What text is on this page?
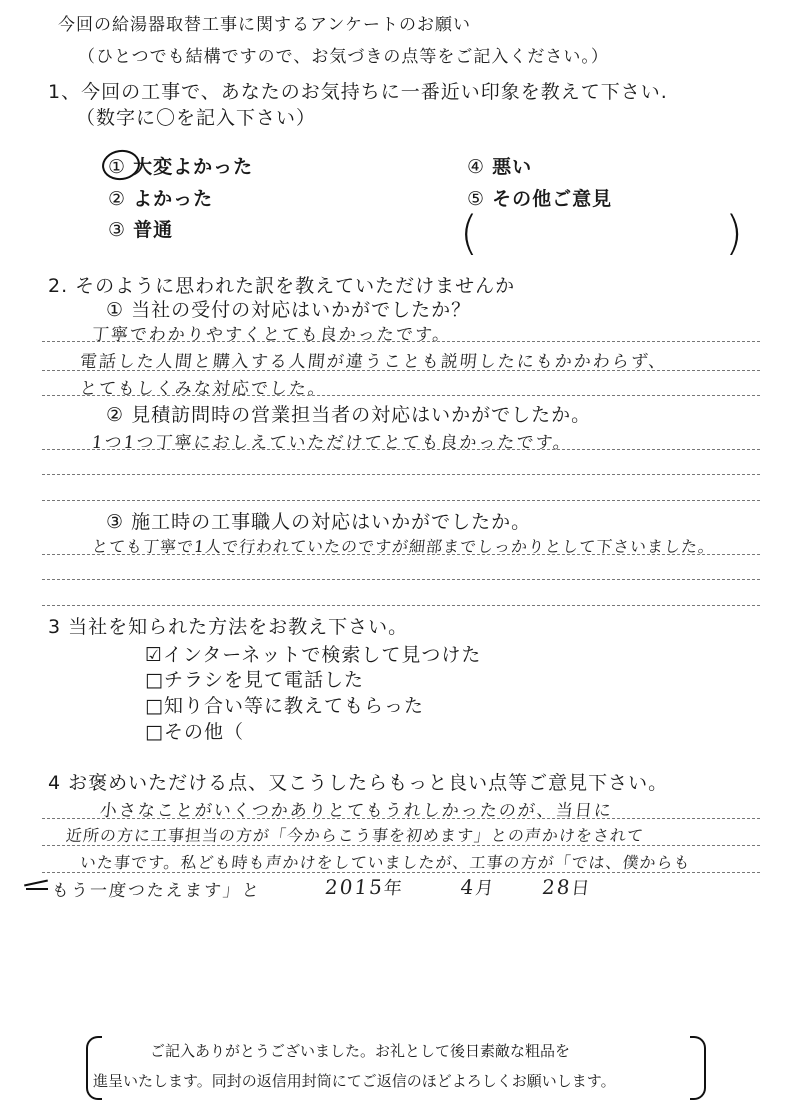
今回の給湯器取替工事に関するアンケートのお願い
（ひとつでも結構ですので、お気づきの点等をご記入ください。）
1、今回の工事で、あなたのお気持ちに一番近い印象を教えて下さい.
（数字に〇を記入下さい）
① 大変よかった
② よかった
③ 普通
④ 悪い
⑤ その他ご意見
(	)
2. そのように思われた訳を教えていただけませんか
① 当社の受付の対応はいかがでしたか？
丁寧でわかりやすくとても良かったです。
電話した人間と購入する人間が違うことも説明したにもかかわらず、
とてもしくみな対応でした。
② 見積訪問時の営業担当者の対応はいかがでしたか。
1つ1つ丁寧におしえていただけてとても良かったです。
③ 施工時の工事職人の対応はいかがでしたか。
とても丁寧で1人で行われていたのですが細部までしっかりとして下さいました。
3 当社を知られた方法をお教え下さい。
☑インターネットで検索して見つけた
□チラシを見て電話した
□知り合い等に教えてもらった
□その他（
4 お褒めいただける点、又こうしたらもっと良い点等ご意見下さい。
小さなことがいくつかありとてもうれしかったのが、当日に
近所の方に工事担当の方が「今からこう事を初めます」との声かけをされて
いた事です。私ども時も声かけをしていましたが、工事の方が「では、僕からも
もう一度つたえます」と	2015年	4月 28日
ご記入ありがとうございました。お礼として後日素敵な粗品を
進呈いたします。同封の返信用封筒にてご返信のほどよろしくお願いします。
